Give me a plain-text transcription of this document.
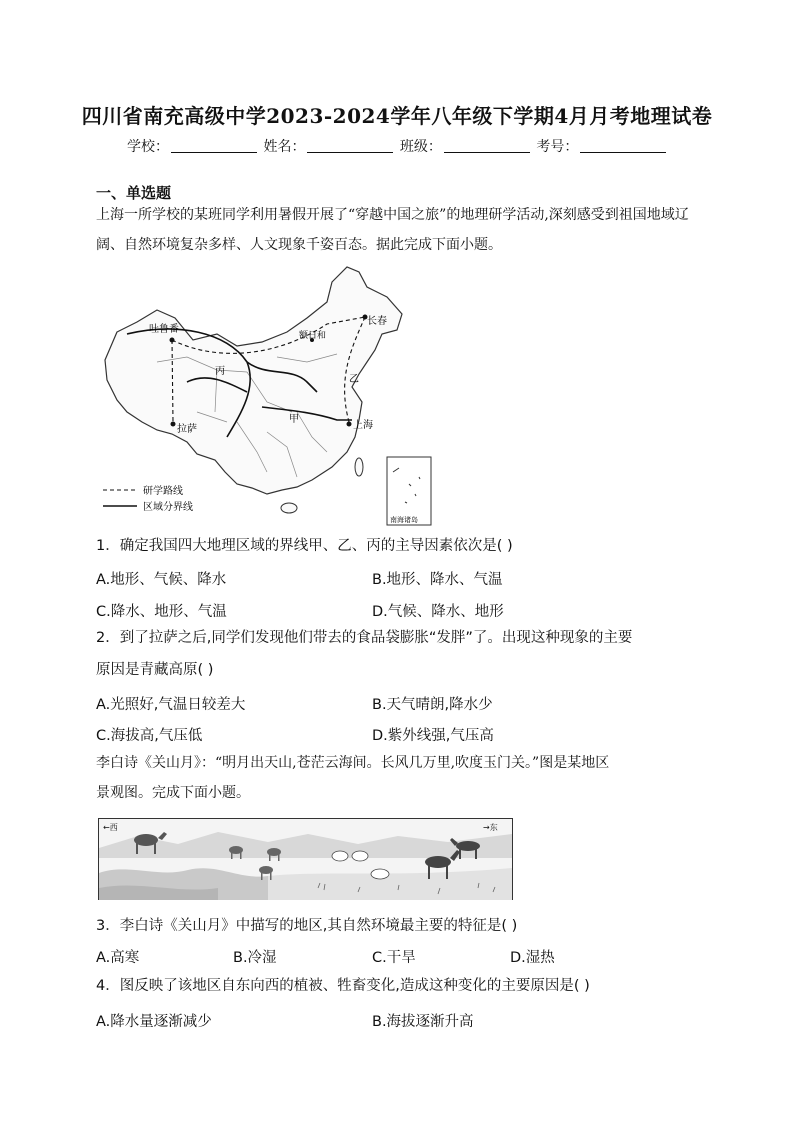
四川省南充高级中学2023-2024学年八年级下学期4月月考地理试卷
学校：	姓名：	班级：	考号：
一、单选题
上海一所学校的某班同学利用暑假开展了“穿越中国之旅”的地理研学活动,深刻感受到祖国地域辽阔、自然环境复杂多样、人文现象千姿百态。据此完成下面小题。
吐鲁番
额日和
长春
拉萨	上海
丙
乙
甲
南海诸岛
研学路线
区域分界线
1．确定我国四大地理区域的界线甲、乙、丙的主导因素依次是( )
A.地形、气候、降水	B.地形、降水、气温
C.降水、地形、气温	D.气候、降水、地形
2．到了拉萨之后,同学们发现他们带去的食品袋膨胀“发胖”了。出现这种现象的主要
原因是青藏高原( )
A.光照好,气温日较差大	B.天气晴朗,降水少
C.海拔高,气压低	D.紫外线强,气压高
李白诗《关山月》：“明月出天山,苍茫云海间。长风几万里,吹度玉门关。”图是某地区
景观图。完成下面小题。
←西	→东
3．李白诗《关山月》中描写的地区,其自然环境最主要的特征是( )
A.高寒	B.冷湿	C.干旱	D.湿热
4．图反映了该地区自东向西的植被、牲畜变化,造成这种变化的主要原因是( )
A.降水量逐渐减少	B.海拔逐渐升高
